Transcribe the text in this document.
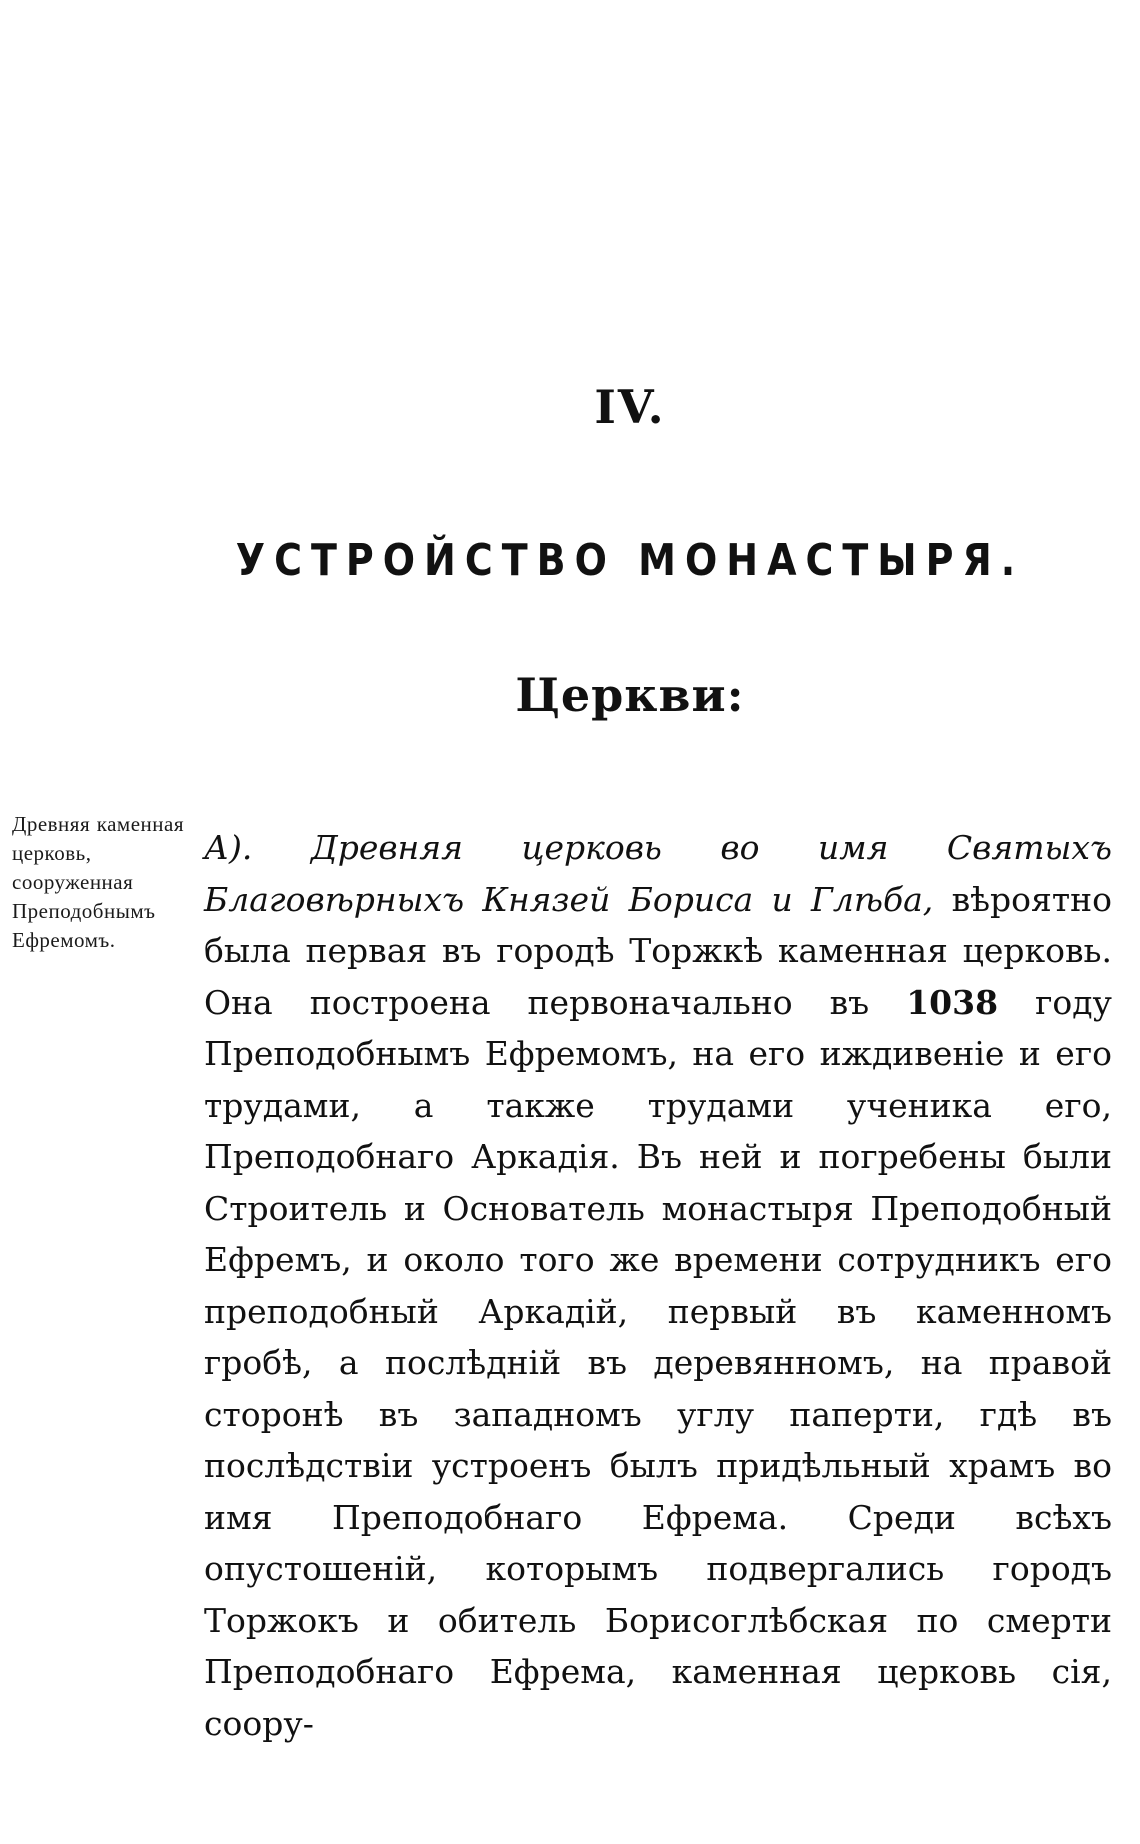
IV.
УСТРОЙСТВО МОНАСТЫРЯ.
Церкви:
Древняя каменная церковь, сооруженная Преподобнымъ Ефремомъ.
А). Древняя церковь во имя Святыхъ Благовѣрныхъ Князей Бориса и Глѣба, вѣроятно была первая въ городѣ Торжкѣ каменная церковь. Она построена первоначально въ 1038 году Преподобнымъ Ефремомъ, на его иждивеніе и его трудами, а также трудами ученика его, Преподобнаго Аркадія. Въ ней и погребены были Строитель и Основатель монастыря Преподобный Ефремъ, и около того же времени сотрудникъ его преподобный Аркадій, первый въ каменномъ гробѣ, а послѣдній въ деревянномъ, на правой сторонѣ въ западномъ углу паперти, гдѣ въ послѣдствіи устроенъ былъ придѣльный храмъ во имя Преподобнаго Ефрема. Среди всѣхъ опустошеній, которымъ подвергались городъ Торжокъ и обитель Борисоглѣбская по смерти Преподобнаго Ефрема, каменная церковь сія, соору-
